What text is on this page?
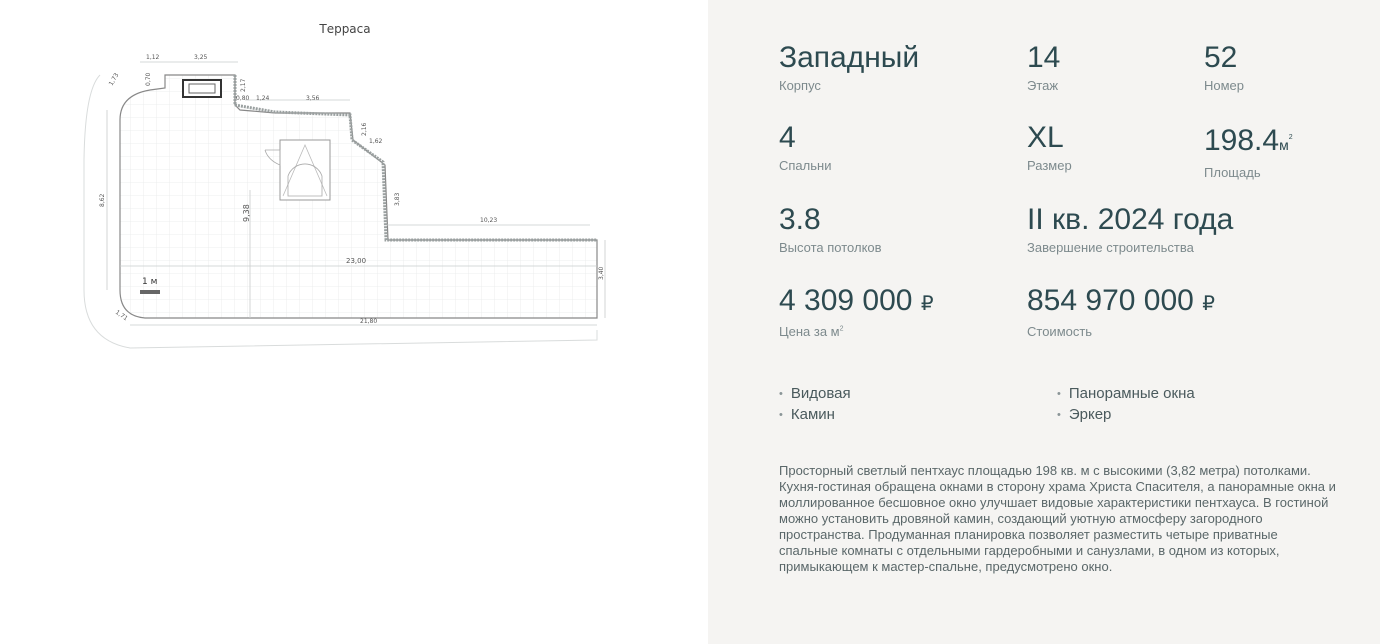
Терраса
1,12	3,25
0,70
1,73	2,17
0,80 1,24	3,56
2,16
1,62
9,38
8,62	3,83
10,23
23,00
3,40
1,71	21,80
1 м
Западный
Корпус
14
Этаж
52
Номер
4
Спальни
XL
Размер
$198.4м^2$
Площадь
3.8
Высота потолков
II кв. 2024 года
Завершение строительства
4 309 000 ₽
Цена за $м^2$
854 970 000 ₽
Стоимость
• Видовая	• Панорамные окна
• Камин	• Эркер
Просторный светлый пентхаус площадью 198 кв. м с высокими (3,82 метра) потолками. Кухня-гостиная обращена окнами в сторону храма Христа Спасителя, а панорамные окна и моллированное бесшовное окно улучшает видовые характеристики пентхауса. В гостиной можно установить дровяной камин, создающий уютную атмосферу загородного пространства. Продуманная планировка позволяет разместить четыре приватные спальные комнаты с отдельными гардеробными и санузлами, в одном из которых, примыкающем к мастер-спальне, предусмотрено окно.
